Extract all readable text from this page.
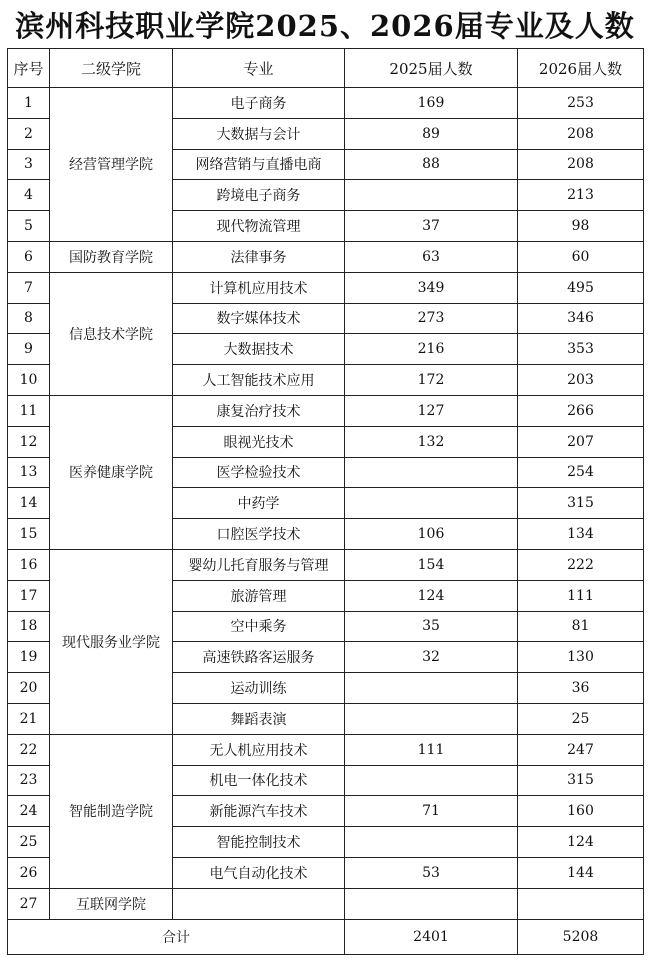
滨州科技职业学院2025、2026届专业及人数
序号	二级学院	专业	2025届人数	2026届人数
1	经营管理学院	电子商务	169	253
2		大数据与会计	89	208
3		网络营销与直播电商	88	208
4		跨境电子商务		213
5		现代物流管理	37	98
6	国防教育学院	法律事务	63	60
7	信息技术学院	计算机应用技术	349	495
8		数字媒体技术	273	346
9		大数据技术	216	353
10		人工智能技术应用	172	203
11	医养健康学院	康复治疗技术	127	266
12		眼视光技术	132	207
13		医学检验技术		254
14		中药学		315
15		口腔医学技术	106	134
16	现代服务业学院	婴幼儿托育服务与管理	154	222
17		旅游管理	124	111
18		空中乘务	35	81
19		高速铁路客运服务	32	130
20		运动训练		36
21		舞蹈表演		25
22	智能制造学院	无人机应用技术	111	247
23		机电一体化技术		315
24		新能源汽车技术	71	160
25		智能控制技术		124
26		电气自动化技术	53	144
27	互联网学院			
合计			2401	5208
